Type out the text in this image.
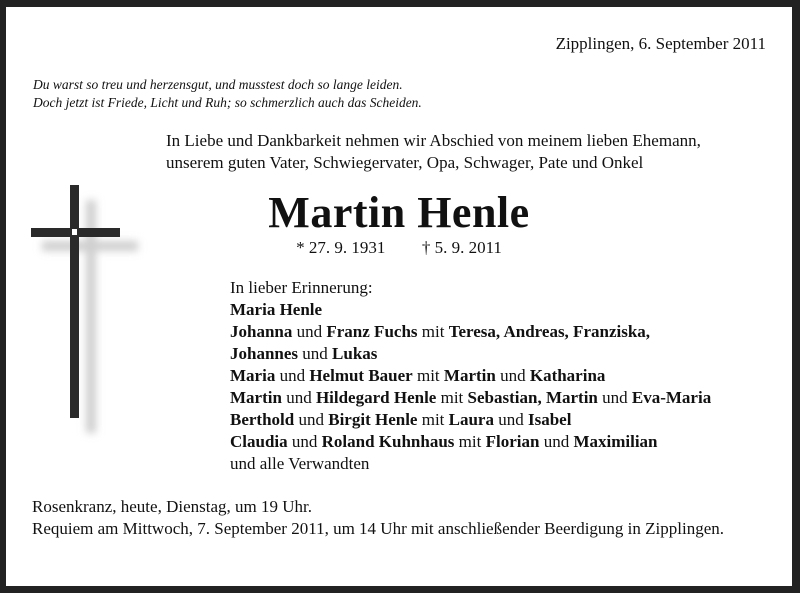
Zipplingen, 6. September 2011
Du warst so treu und herzensgut, und musstest doch so lange leiden.
Doch jetzt ist Friede, Licht und Ruh; so schmerzlich auch das Scheiden.
In Liebe und Dankbarkeit nehmen wir Abschied von meinem lieben Ehemann,
unserem guten Vater, Schwiegervater, Opa, Schwager, Pate und Onkel
Martin Henle
* 27. 9. 1931 † 5. 9. 2011
In lieber Erinnerung:
Maria Henle
Johanna und Franz Fuchs mit Teresa, Andreas, Franziska,
Johannes und Lukas
Maria und Helmut Bauer mit Martin und Katharina
Martin und Hildegard Henle mit Sebastian, Martin und Eva-Maria
Berthold und Birgit Henle mit Laura und Isabel
Claudia und Roland Kuhnhaus mit Florian und Maximilian
und alle Verwandten
Rosenkranz, heute, Dienstag, um 19 Uhr.
Requiem am Mittwoch, 7. September 2011, um 14 Uhr mit anschließender Beerdigung in Zipplingen.
